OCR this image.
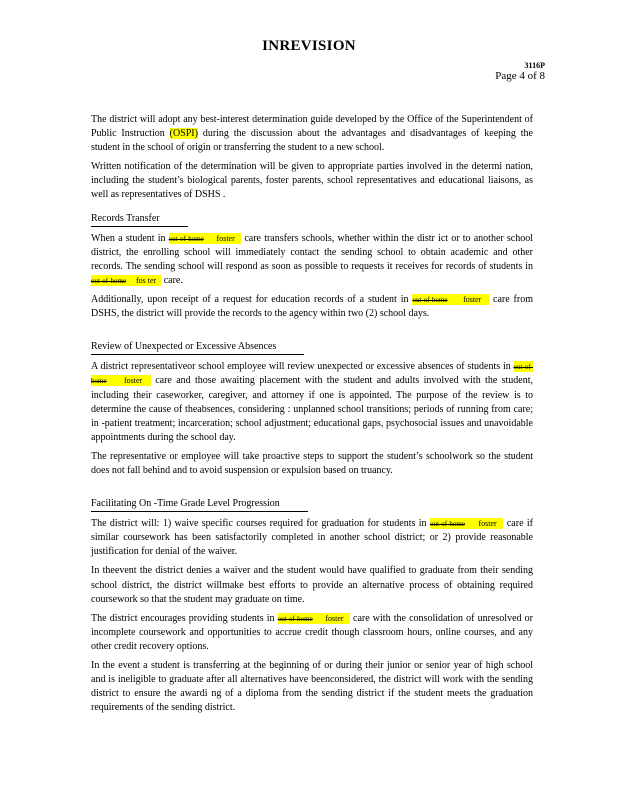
INREVISION
3116P
Page 4 of 8

The district will adopt any best-interest determination guide developed by the Office of the Superintendent of Public Instruction (OSPI) during the discussion about the advantages and disadvantages of keeping the student in the school of origin or transferring the student to a new school.

Written notification of the determination will be given to appropriate parties involved in the determi nation, including the student’s biological parents, foster parents, school representatives and educational liaisons, as well as representatives of DSHS .

Records Transfer

When a student in out-of-home foster   care transfers schools, whether within the distr ict or to another school district, the enrolling school will immediately contact the sending school to obtain academic and other records. The sending school will respond as soon as possible to requests it receives for records of students in out-of-home fos ter   care.

Additionally, upon receipt of a request for education records of a student in out-of-home foster   care from DSHS, the district will provide the records to the agency within two (2) school days.

Review of Unexpected or Excessive Absences

A district representativeor school employee will review unexpected or excessive absences of students in out-of-home foster   care and those awaiting placement with the student and adults involved with the student, including their caseworker, caregiver, and attorney if one is appointed. The purpose of the review is to determine the cause of theabsences, considering : unplanned school transitions; periods of running from care; in -patient treatment; incarceration; school adjustment; educational gaps, psychosocial issues and unavoidable appointments during the school day.

The representative or employee will take proactive steps to support the student’s schoolwork so the student does not fall behind and to avoid suspension or expulsion based on truancy.

Facilitating On -Time Grade Level Progression

The district will: 1) waive specific courses required for graduation for students in out-of-home foster   care if similar coursework has been satisfactorily completed in another school district; or 2) provide reasonable justification for denial of the waiver.

In theevent the district denies a waiver and the student would have qualified to graduate from their sending school district, the district willmake best efforts to provide an alternative process of obtaining required coursework so that the student may graduate on time.

The district encourages providing students in out-of-home foster   care with the consolidation of unresolved or incomplete coursework and opportunities to accrue credit though classroom hours, online courses, and any other credit recovery options.

In the event a student is transferring at the beginning of or during their junior or senior year of high school and is ineligible to graduate after all alternatives have beenconsidered, the district will work with the sending district to ensure the awardi ng of a diploma from the sending district if the student meets the graduation requirements of the sending district.
